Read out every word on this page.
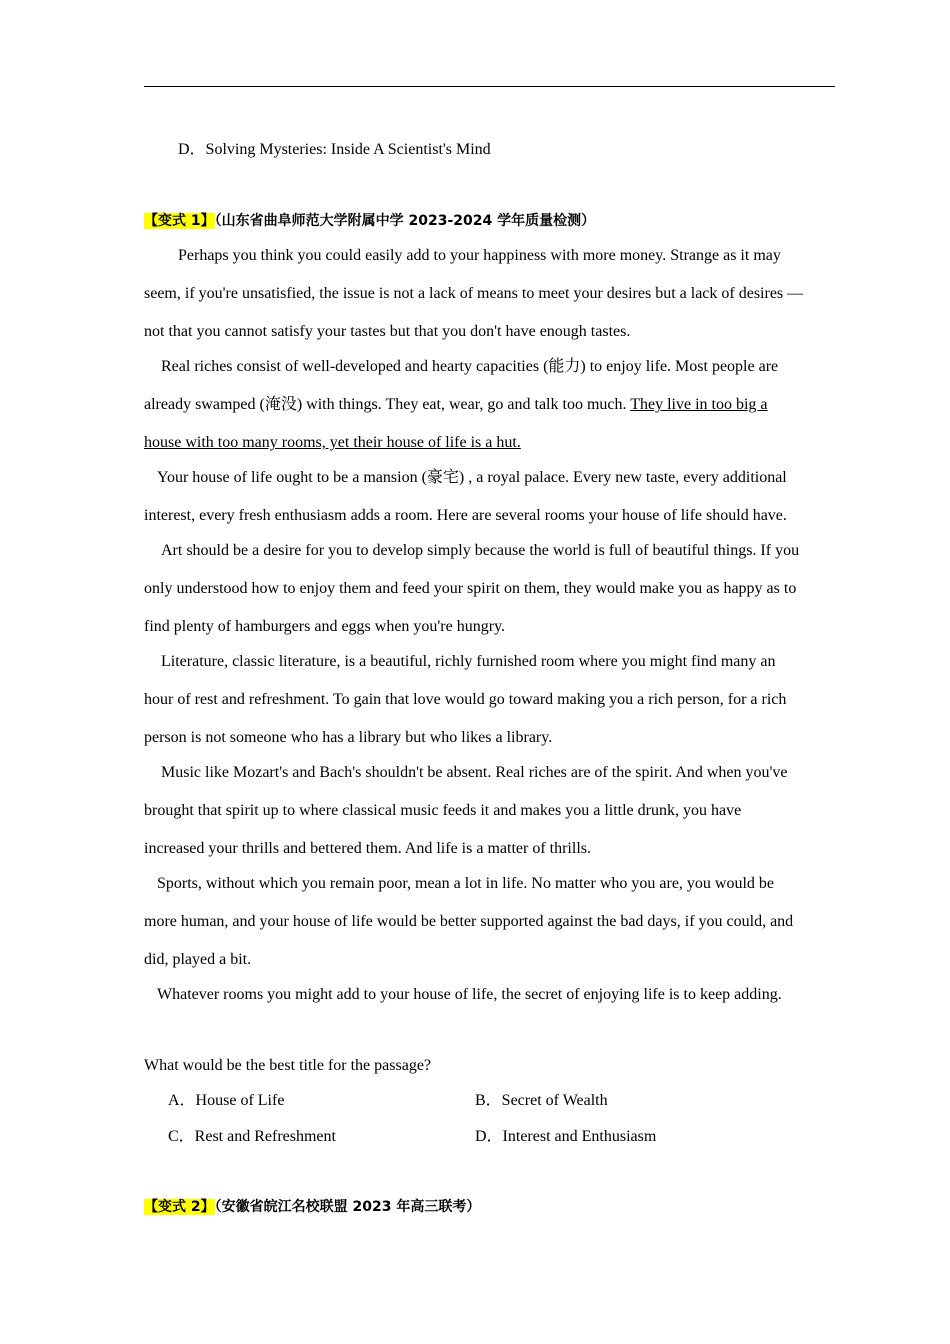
D．Solving Mysteries: Inside A Scientist's Mind
【变式 1】（山东省曲阜师范大学附属中学 2023-2024 学年质量检测）
Perhaps you think you could easily add to your happiness with more money. Strange as it may
seem, if you're unsatisfied, the issue is not a lack of means to meet your desires but a lack of desires —
not that you cannot satisfy your tastes but that you don't have enough tastes.
Real riches consist of well-developed and hearty capacities (能力) to enjoy life. Most people are
already swamped (淹没) with things. They eat, wear, go and talk too much. They live in too big a
house with too many rooms, yet their house of life is a hut.
Your house of life ought to be a mansion (豪宅) , a royal palace. Every new taste, every additional
interest, every fresh enthusiasm adds a room. Here are several rooms your house of life should have.
Art should be a desire for you to develop simply because the world is full of beautiful things. If you
only understood how to enjoy them and feed your spirit on them, they would make you as happy as to
find plenty of hamburgers and eggs when you're hungry.
Literature, classic literature, is a beautiful, richly furnished room where you might find many an
hour of rest and refreshment. To gain that love would go toward making you a rich person, for a rich
person is not someone who has a library but who likes a library.
Music like Mozart's and Bach's shouldn't be absent. Real riches are of the spirit. And when you've
brought that spirit up to where classical music feeds it and makes you a little drunk, you have
increased your thrills and bettered them. And life is a matter of thrills.
Sports, without which you remain poor, mean a lot in life. No matter who you are, you would be
more human, and your house of life would be better supported against the bad days, if you could, and
did, played a bit.
Whatever rooms you might add to your house of life, the secret of enjoying life is to keep adding.
What would be the best title for the passage?
A．House of Life	B．Secret of Wealth
C．Rest and Refreshment	D．Interest and Enthusiasm
【变式 2】（安徽省皖江名校联盟 2023 年高三联考）
